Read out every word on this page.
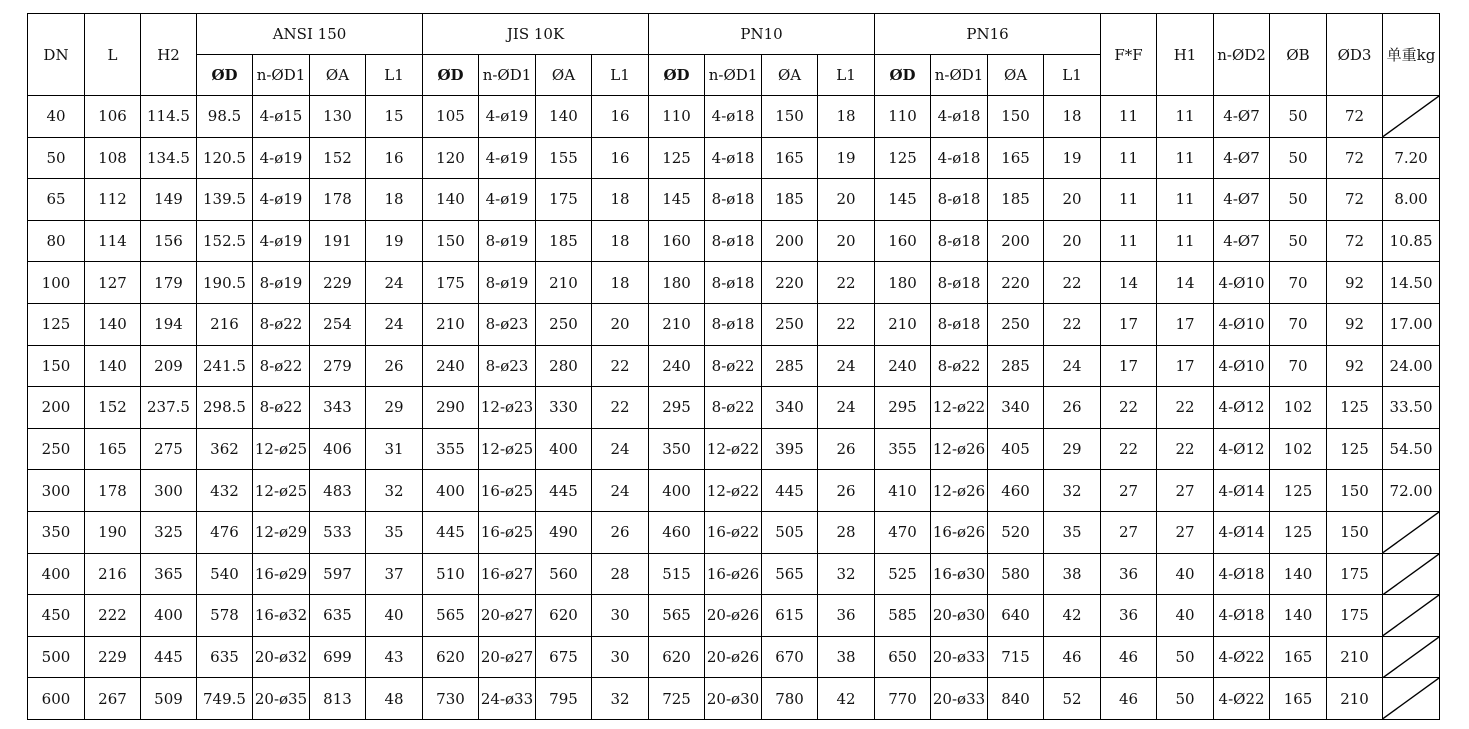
DN	L	H2	ANSI 150				JIS 10K				PN10				PN16				F*F	H1	n-ØD2	ØB	ØD3	单重kg
			ØD	n-ØD1	ØA	L1	ØD	n-ØD1	ØA	L1	ØD	n-ØD1	ØA	L1	ØD	n-ØD1	ØA	L1						
40	106	114.5	98.5	4-ø15	130	15	105	4-ø19	140	16	110	4-ø18	150	18	110	4-ø18	150	18	11	11	4-Ø7	50	72	

50	108	134.5	120.5	4-ø19	152	16	120	4-ø19	155	16	125	4-ø18	165	19	125	4-ø18	165	19	11	11	4-Ø7	50	72	7.20
65	112	149	139.5	4-ø19	178	18	140	4-ø19	175	18	145	8-ø18	185	20	145	8-ø18	185	20	11	11	4-Ø7	50	72	8.00
80	114	156	152.5	4-ø19	191	19	150	8-ø19	185	18	160	8-ø18	200	20	160	8-ø18	200	20	11	11	4-Ø7	50	72	10.85
100	127	179	190.5	8-ø19	229	24	175	8-ø19	210	18	180	8-ø18	220	22	180	8-ø18	220	22	14	14	4-Ø10	70	92	14.50
125	140	194	216	8-ø22	254	24	210	8-ø23	250	20	210	8-ø18	250	22	210	8-ø18	250	22	17	17	4-Ø10	70	92	17.00
150	140	209	241.5	8-ø22	279	26	240	8-ø23	280	22	240	8-ø22	285	24	240	8-ø22	285	24	17	17	4-Ø10	70	92	24.00
200	152	237.5	298.5	8-ø22	343	29	290	12-ø23	330	22	295	8-ø22	340	24	295	12-ø22	340	26	22	22	4-Ø12	102	125	33.50
250	165	275	362	12-ø25	406	31	355	12-ø25	400	24	350	12-ø22	395	26	355	12-ø26	405	29	22	22	4-Ø12	102	125	54.50
300	178	300	432	12-ø25	483	32	400	16-ø25	445	24	400	12-ø22	445	26	410	12-ø26	460	32	27	27	4-Ø14	125	150	72.00
350	190	325	476	12-ø29	533	35	445	16-ø25	490	26	460	16-ø22	505	28	470	16-ø26	520	35	27	27	4-Ø14	125	150	

400	216	365	540	16-ø29	597	37	510	16-ø27	560	28	515	16-ø26	565	32	525	16-ø30	580	38	36	40	4-Ø18	140	175	

450	222	400	578	16-ø32	635	40	565	20-ø27	620	30	565	20-ø26	615	36	585	20-ø30	640	42	36	40	4-Ø18	140	175	

500	229	445	635	20-ø32	699	43	620	20-ø27	675	30	620	20-ø26	670	38	650	20-ø33	715	46	46	50	4-Ø22	165	210	

600	267	509	749.5	20-ø35	813	48	730	24-ø33	795	32	725	20-ø30	780	42	770	20-ø33	840	52	46	50	4-Ø22	165	210	
